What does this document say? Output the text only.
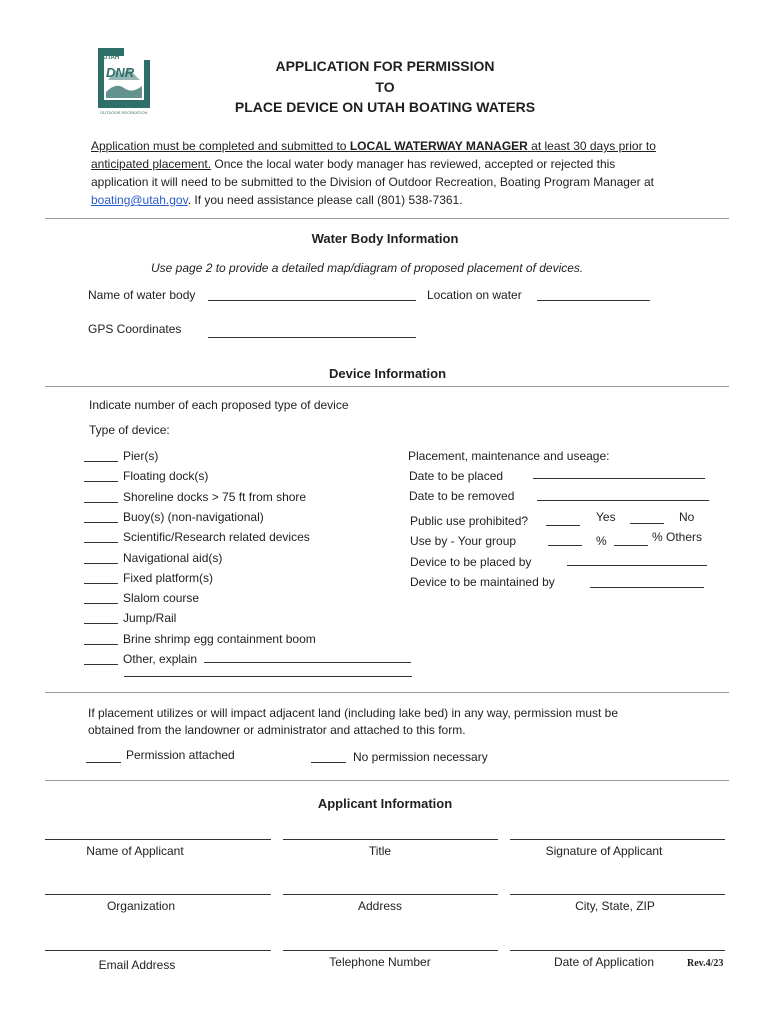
UTAH
DNR
OUTDOOR RECREATION
APPLICATION FOR PERMISSION
TO
PLACE DEVICE ON UTAH BOATING WATERS
Application must be completed and submitted to LOCAL WATERWAY MANAGER at least 30 days prior to anticipated placement. Once the local water body manager has reviewed, accepted or rejected this application it will need to be submitted to the Division of Outdoor Recreation, Boating Program Manager at boating@utah.gov. If you need assistance please call (801) 538-7361.
Water Body Information
Use page 2 to provide a detailed map/diagram of proposed placement of devices.
Name of water body	Location on water
GPS Coordinates
Device Information
Indicate number of each proposed type of device
Type of device:
Pier(s)
Floating dock(s)
Shoreline docks > 75 ft from shore
Buoy(s) (non-navigational)
Scientific/Research related devices
Navigational aid(s)
Fixed platform(s)
Slalom course
Jump/Rail
Brine shrimp egg containment boom
Other, explain
Placement, maintenance and useage:
Date to be placed
Date to be removed
Public use prohibited?	Yes	No
Use by - Your group	%	% Others
Device to be placed by
Device to be maintained by
If placement utilizes or will impact adjacent land (including lake bed) in any way, permission must be
obtained from the landowner or administrator and attached to this form.
Permission attached	No permission necessary
Applicant Information
Name of Applicant	Title	Signature of Applicant
Organization	Address	City, State, ZIP
Email Address	Telephone Number	Date of Application	Rev.4/23
